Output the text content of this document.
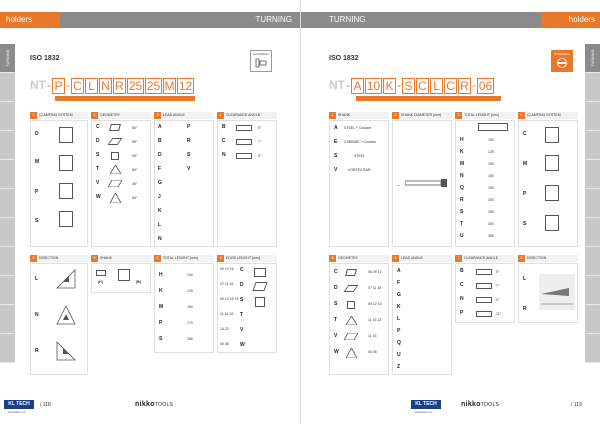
holders	TURNING
TURNING	ISO 1832
EXTERNAL
NT - P - C L N R 25 25 M 12
1 CLAMPING SYSTEM	2 GEOMETRY	3 LEAD ANGLE	4 CLEARANCE ANGLE
D
M
P
S
C	80°
D	55°
S	90°
T	60°
V	35°
W	80°
A
B
D
F
G
J
K
L
N
P
R
S
V
B	5°
C	7°
N	0°
5 DIRECTION	6 SHANK	8 TOTAL LENGHT [mm]	9 EDGE LENGHT [mm]
L
N
R
(H)	(B)
H	100
K	125
M	150
P	170
S	250
09 12 16 C
07 11 15 D
09 12 15 19 S
11 16 22 T
16 22 V
06 08 W
KL TECH
www.kltec.cz
/ 118	nikkoTOOLS
TURNING	holders
TURNING
ISO 1832
INTERNAL
NT - A 10 K - S C L C R - 06
1 SHANK	2 SHANK DIAMETER [mm]	3 TOTAL LENGHT [mm]	4 CLAMPING SYSTEM
A STEEL + Coolant
E CARBIDE + Coolant
S	STEEL
V	VORTEX BAR
–
H	100
K	125
M	150
N	160
Q	180
R	200
S	250
T	300
U	350
C
M
P
S
5 GEOMETRY	6 LEAD ANGLE	7 CLEARANCE ANGLE	8 DIRECTION
C	06 09 12
D	07 11 15
S	09 12 15
T	11 16 22
V	11 16
W	06 08
A
F
G
K
L
P
Q
U
Z
B	5°
C	7°
N	0°
P	11°
L
R
KL TECH
www.kltec.cz
nikkoTOOLS	/ 119
